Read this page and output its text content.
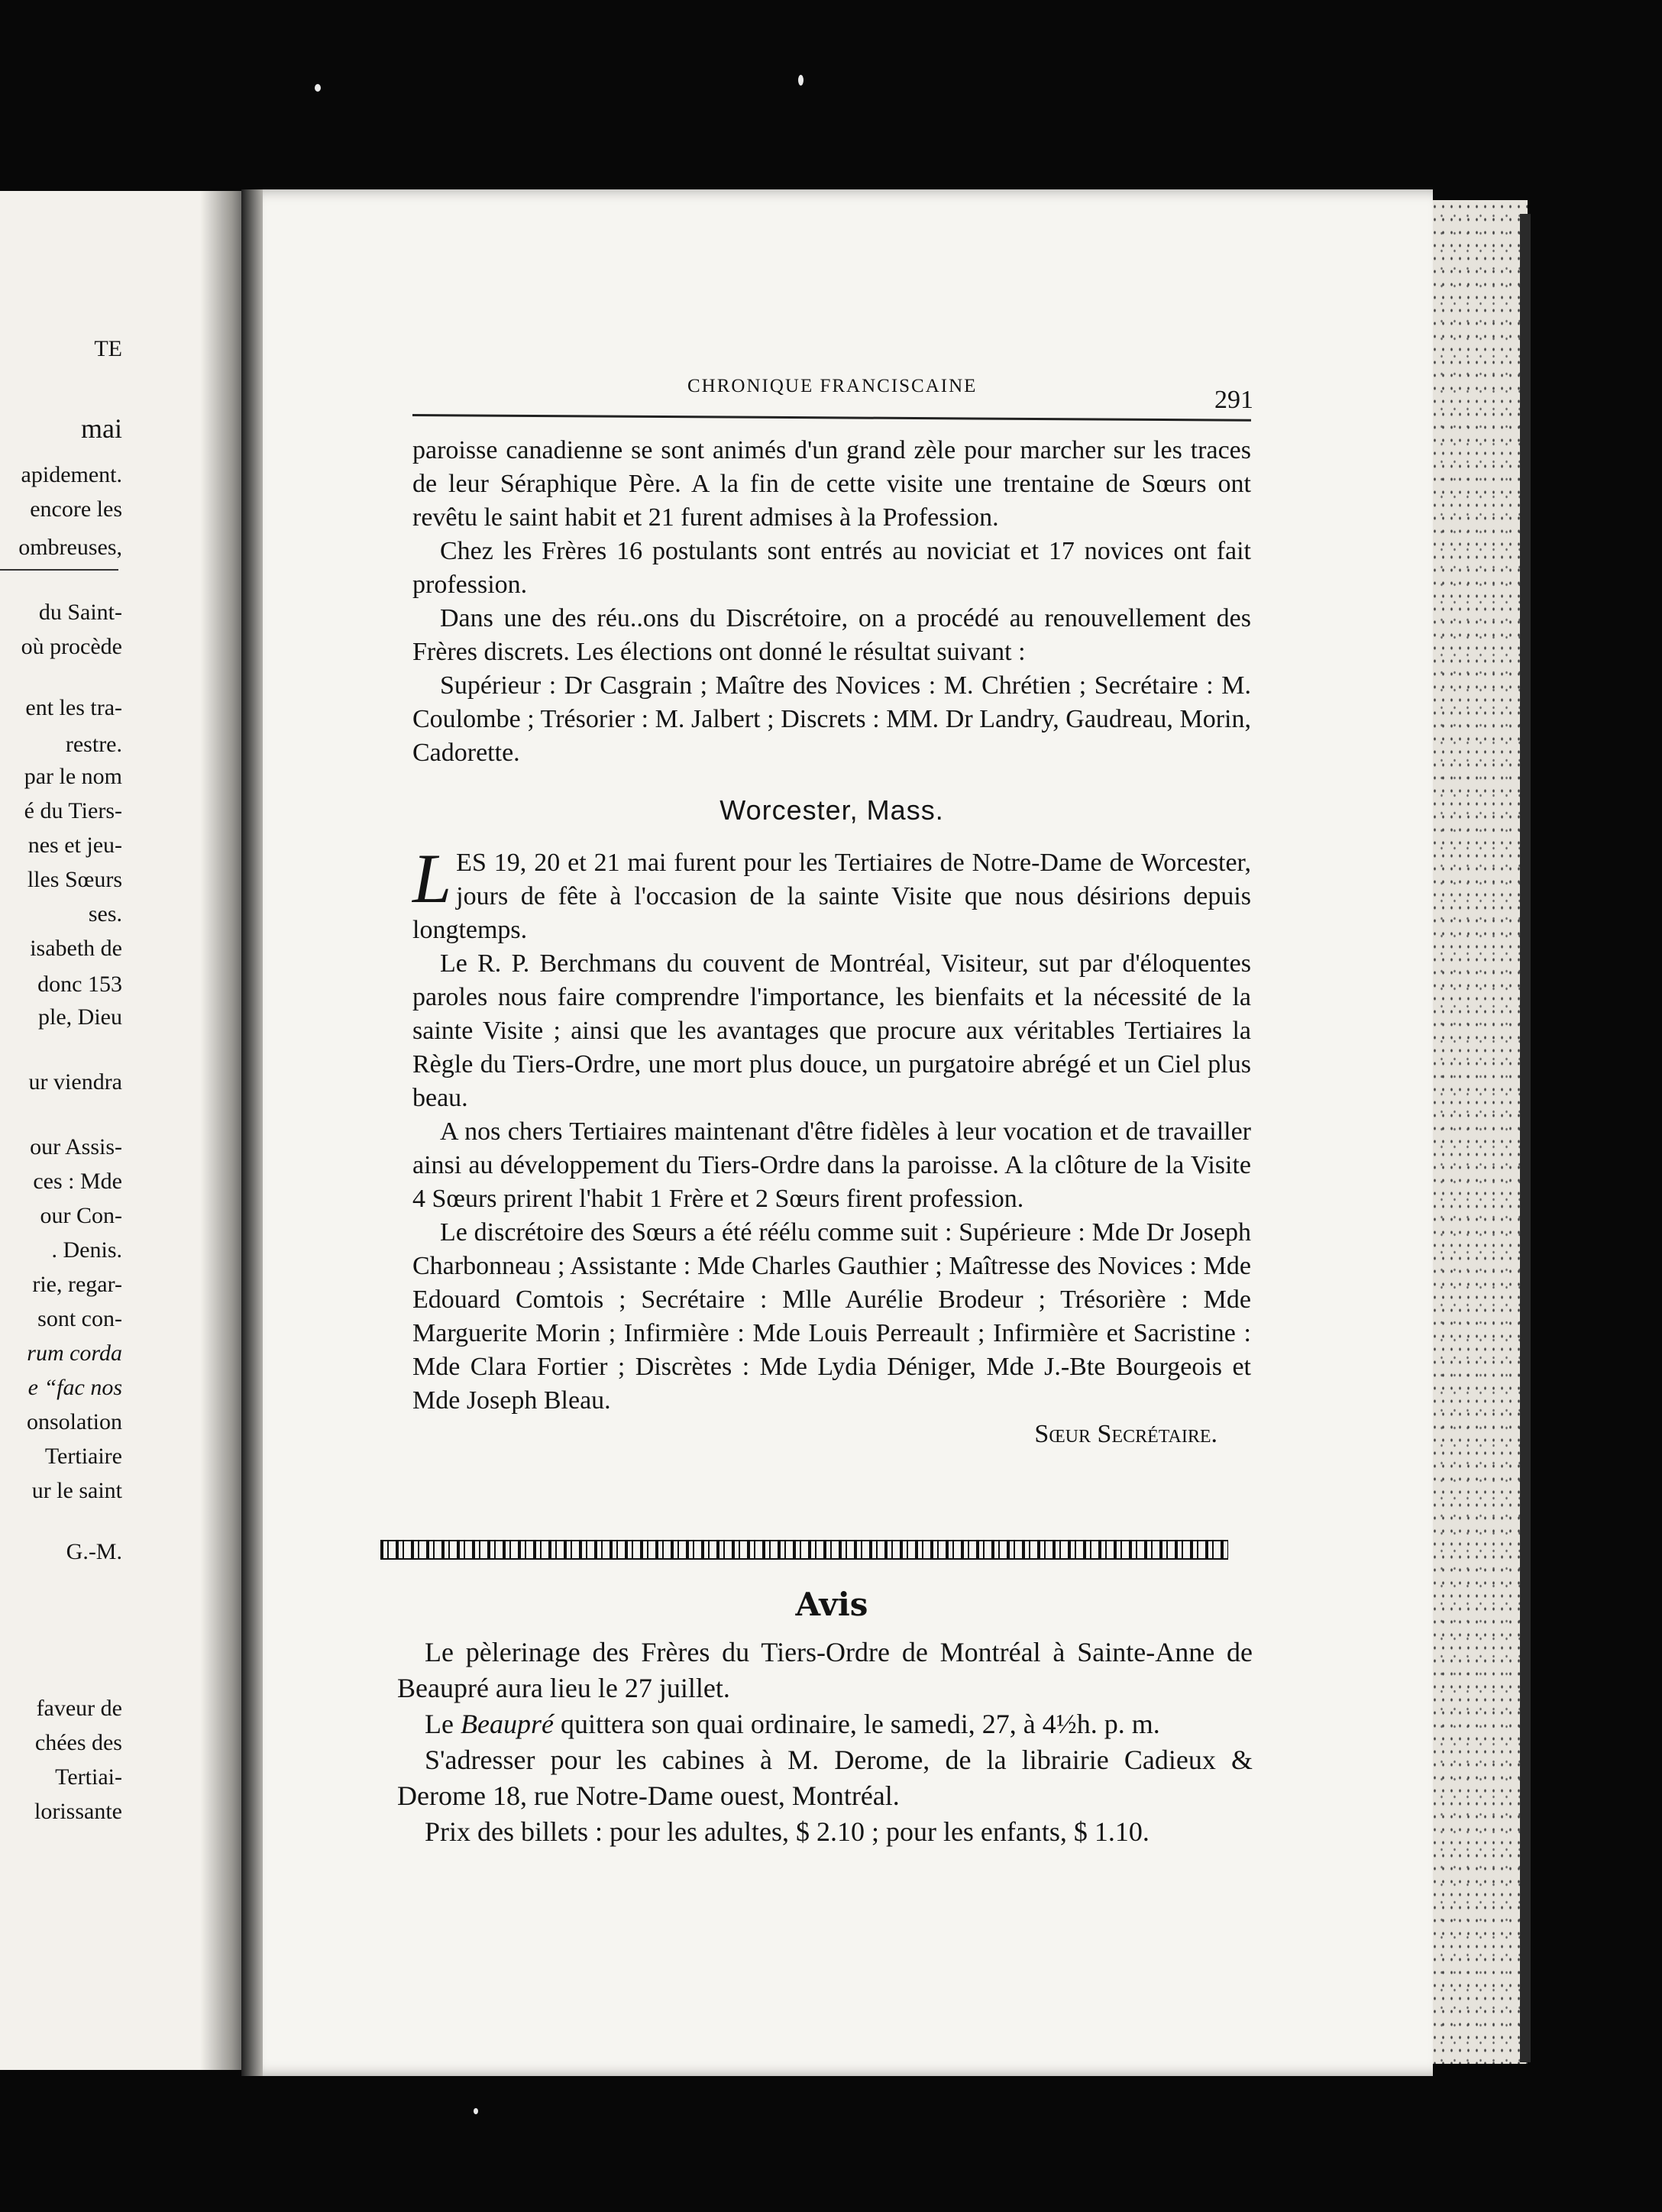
TE
mai
apidement.
encore les
ombreuses,
du Saint-
où procède
ent les tra-
restre.
par le nom
é du Tiers-
nes et jeu-
lles Sœurs
ses.
isabeth de
donc 153
ple, Dieu
ur viendra
our Assis-
ces : Mde
our Con-
. Denis.
rie, regar-
sont con-
rum corda
e “fac nos
onsolation
Tertiaire
ur le saint
G.-M.
faveur de
chées des
Tertiai-
lorissante
CHRONIQUE FRANCISCAINE	291

paroisse canadienne se sont animés d'un grand zèle pour marcher sur les traces de leur Séraphique Père. A la fin de cette visite une trentaine de Sœurs ont revêtu le saint habit et 21 furent admises à la Profession.

Chez les Frères 16 postulants sont entrés au noviciat et 17 novices ont fait profession.

Dans une des réu..ons du Discrétoire, on a procédé au renouvellement des Frères discrets. Les élections ont donné le résultat suivant :

Supérieur : Dr Casgrain ; Maître des Novices : M. Chrétien ; Secrétaire : M. Coulombe ; Trésorier : M. Jalbert ; Discrets : MM. Dr Landry, Gaudreau, Morin, Cadorette.

Worcester, Mass.

LES 19, 20 et 21 mai furent pour les Tertiaires de Notre-Dame de Worcester, jours de fête à l'occasion de la sainte Visite que nous désirions depuis longtemps.

Le R. P. Berchmans du couvent de Montréal, Visiteur, sut par d'éloquentes paroles nous faire comprendre l'importance, les bienfaits et la nécessité de la sainte Visite ; ainsi que les avantages que procure aux véritables Tertiaires la Règle du Tiers-Ordre, une mort plus douce, un purgatoire abrégé et un Ciel plus beau.

A nos chers Tertiaires maintenant d'être fidèles à leur vocation et de travailler ainsi au développement du Tiers-Ordre dans la paroisse. A la clôture de la Visite 4 Sœurs prirent l'habit 1 Frère et 2 Sœurs firent profession.

Le discrétoire des Sœurs a été réélu comme suit : Supérieure : Mde Dr Joseph Charbonneau ; Assistante : Mde Charles Gauthier ; Maîtresse des Novices : Mde Edouard Comtois ; Secrétaire : Mlle Aurélie Brodeur ; Trésorière : Mde Marguerite Morin ; Infirmière : Mde Louis Perreault ; Infirmière et Sacristine : Mde Clara Fortier ; Discrètes : Mde Lydia Déniger, Mde J.-Bte Bourgeois et Mde Joseph Bleau.

Sœur Secrétaire.

Avis

Le pèlerinage des Frères du Tiers-Ordre de Montréal à Sainte-Anne de Beaupré aura lieu le 27 juillet.

Le Beaupré quittera son quai ordinaire, le samedi, 27, à 4½h. p. m.

S'adresser pour les cabines à M. Derome, de la librairie Cadieux & Derome 18, rue Notre-Dame ouest, Montréal.

Prix des billets : pour les adultes, $ 2.10 ; pour les enfants, $ 1.10.
